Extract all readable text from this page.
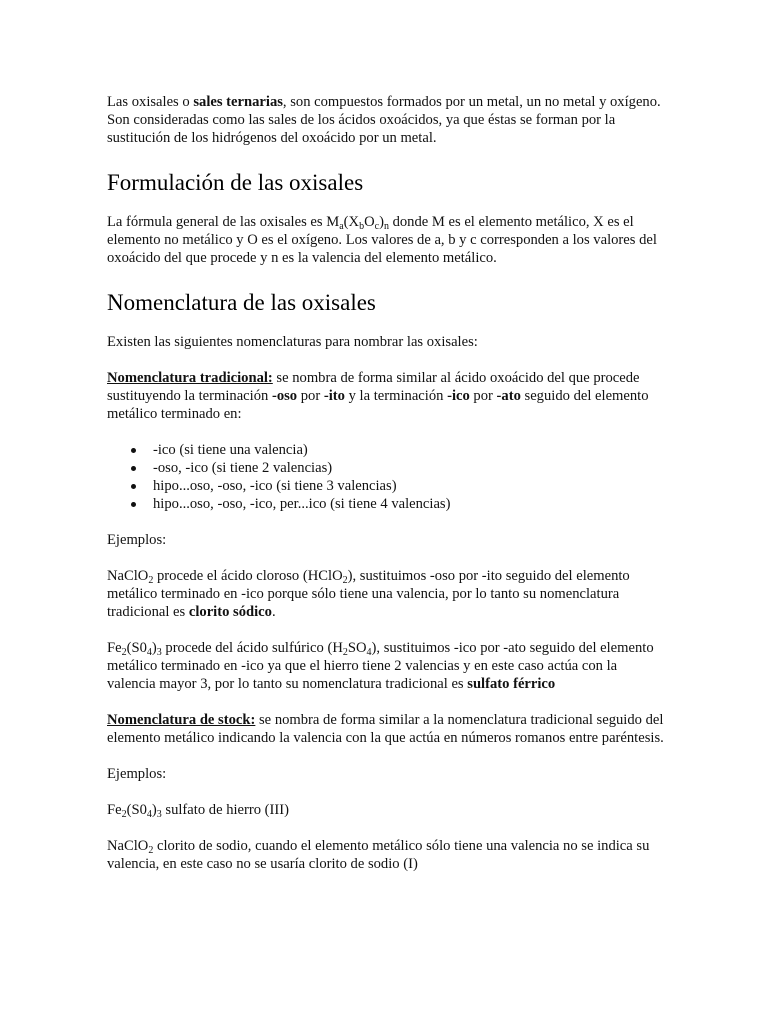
Las oxisales o sales ternarias, son compuestos formados por un metal, un no metal y oxígeno. Son consideradas como las sales de los ácidos oxoácidos, ya que éstas se forman por la sustitución de los hidrógenos del oxoácido por un metal.

Formulación de las oxisales

La fórmula general de las oxisales es $M_a(X_bO_c)_n$ donde M es el elemento metálico, X es el elemento no metálico y O es el oxígeno. Los valores de a, b y c corresponden a los valores del oxoácido del que procede y n es la valencia del elemento metálico.

Nomenclatura de las oxisales

Existen las siguientes nomenclaturas para nombrar las oxisales:

Nomenclatura tradicional: se nombra de forma similar al ácido oxoácido del que procede sustituyendo la terminación -oso por -ito y la terminación -ico por -ato seguido del elemento metálico terminado en:

-ico (si tiene una valencia)
-oso, -ico (si tiene 2 valencias)
hipo...oso, -oso, -ico (si tiene 3 valencias)
hipo...oso, -oso, -ico, per...ico (si tiene 4 valencias)

Ejemplos:

NaClO$_2$ procede el ácido cloroso (HClO$_2$), sustituimos -oso por -ito seguido del elemento metálico terminado en -ico porque sólo tiene una valencia, por lo tanto su nomenclatura tradicional es clorito sódico.

$Fe_2(S0_4)_3$ procede del ácido sulfúrico $(H_2SO_4)$, sustituimos -ico por -ato seguido del elemento metálico terminado en -ico ya que el hierro tiene 2 valencias y en este caso actúa con la valencia mayor 3, por lo tanto su nomenclatura tradicional es sulfato férrico

Nomenclatura de stock: se nombra de forma similar a la nomenclatura tradicional seguido del elemento metálico indicando la valencia con la que actúa en números romanos entre paréntesis.

Ejemplos:

$Fe_2(S0_4)_3$ sulfato de hierro (III)

NaClO$_2$ clorito de sodio, cuando el elemento metálico sólo tiene una valencia no se indica su valencia, en este caso no se usaría clorito de sodio (I)
